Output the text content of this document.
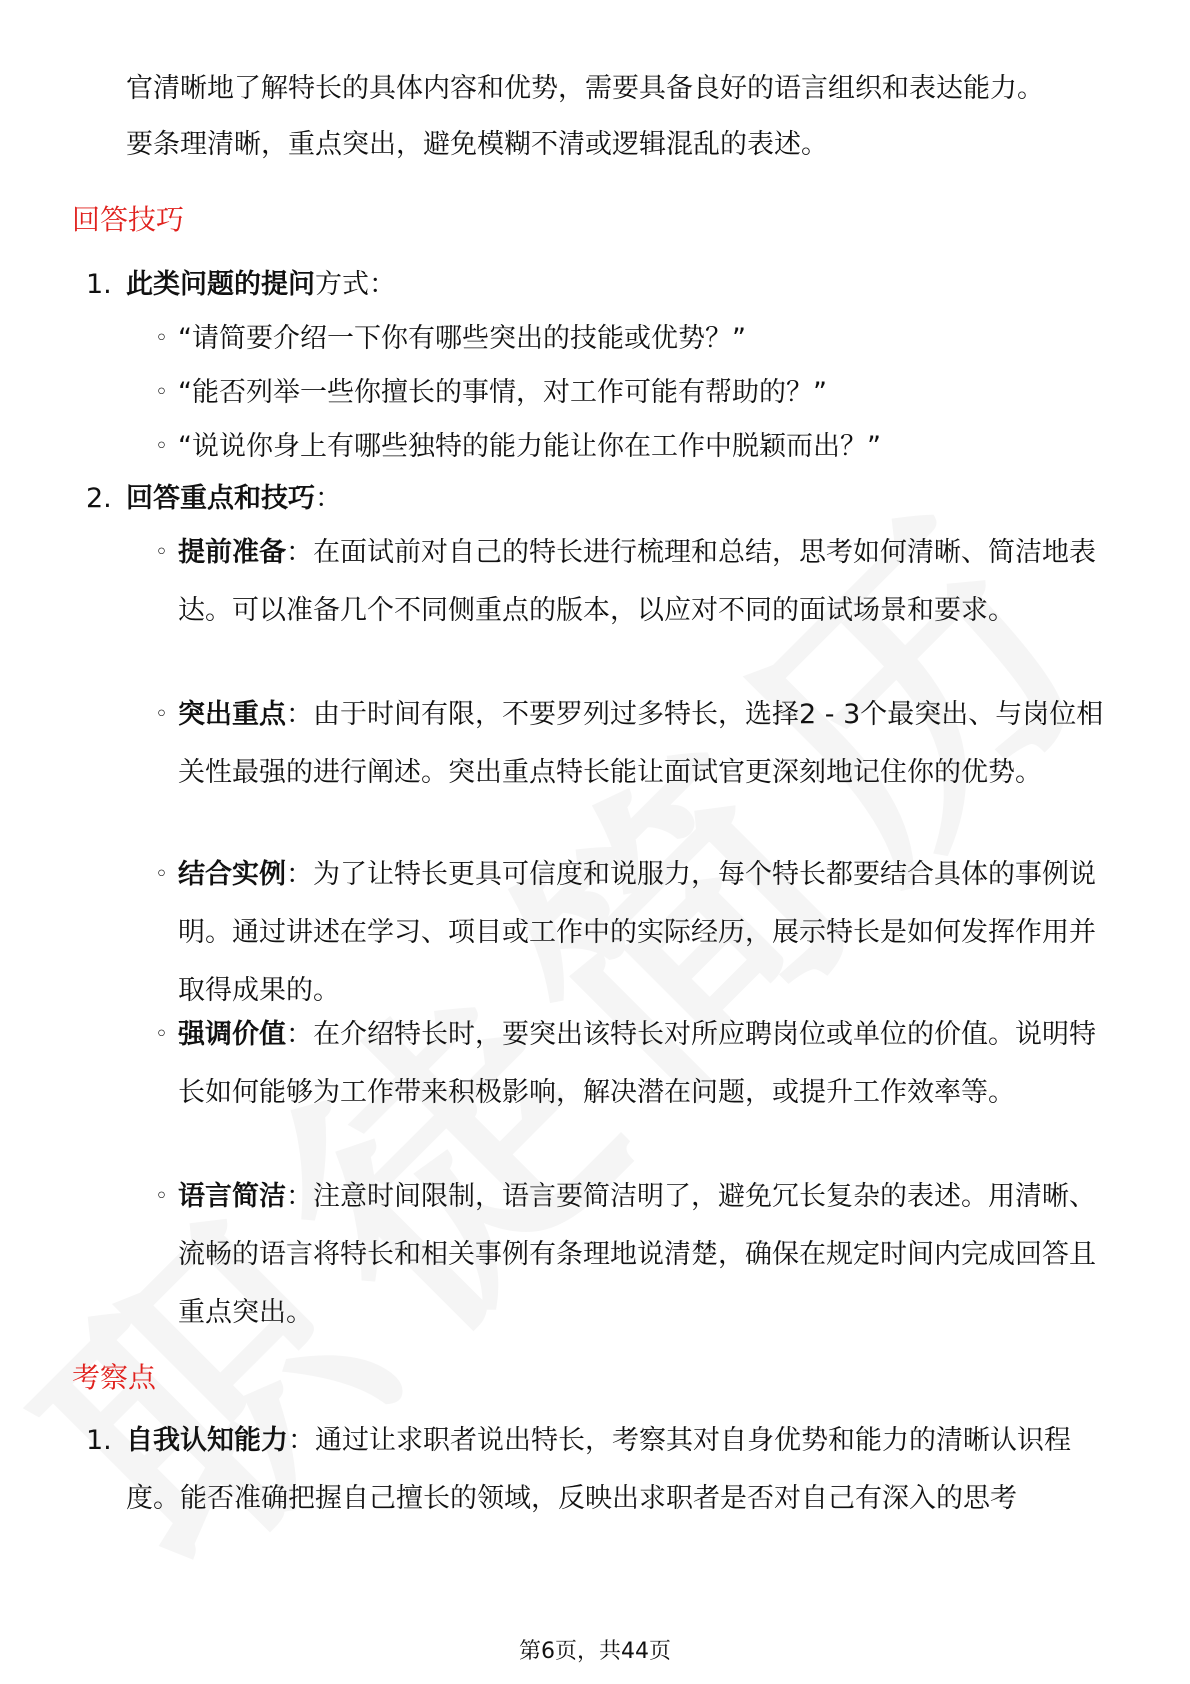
官清晰地了解特长的具体内容和优势，需要具备良好的语言组织和表达能力。
要条理清晰，重点突出，避免模糊不清或逻辑混乱的表述。
回答技巧
1. 此类问题的提问方式：
◦ “请简要介绍一下你有哪些突出的技能或优势？”
◦ “能否列举一些你擅长的事情，对工作可能有帮助的？”
◦ “说说你身上有哪些独特的能力能让你在工作中脱颖而出？”
2. 回答重点和技巧：
◦ 提前准备：在面试前对自己的特长进行梳理和总结，思考如何清晰、简洁地表达。可以准备几个不同侧重点的版本，以应对不同的面试场景和要求。
◦ 突出重点：由于时间有限，不要罗列过多特长，选择2 - 3个最突出、与岗位相关性最强的进行阐述。突出重点特长能让面试官更深刻地记住你的优势。
◦ 结合实例：为了让特长更具可信度和说服力，每个特长都要结合具体的事例说明。通过讲述在学习、项目或工作中的实际经历，展示特长是如何发挥作用并取得成果的。
◦ 强调价值：在介绍特长时，要突出该特长对所应聘岗位或单位的价值。说明特长如何能够为工作带来积极影响，解决潜在问题，或提升工作效率等。
◦ 语言简洁：注意时间限制，语言要简洁明了，避免冗长复杂的表述。用清晰、流畅的语言将特长和相关事例有条理地说清楚，确保在规定时间内完成回答且重点突出。
考察点
1. 自我认知能力：通过让求职者说出特长，考察其对自身优势和能力的清晰认识程度。能否准确把握自己擅长的领域，反映出求职者是否对自己有深入的思考
第6页，共44页
